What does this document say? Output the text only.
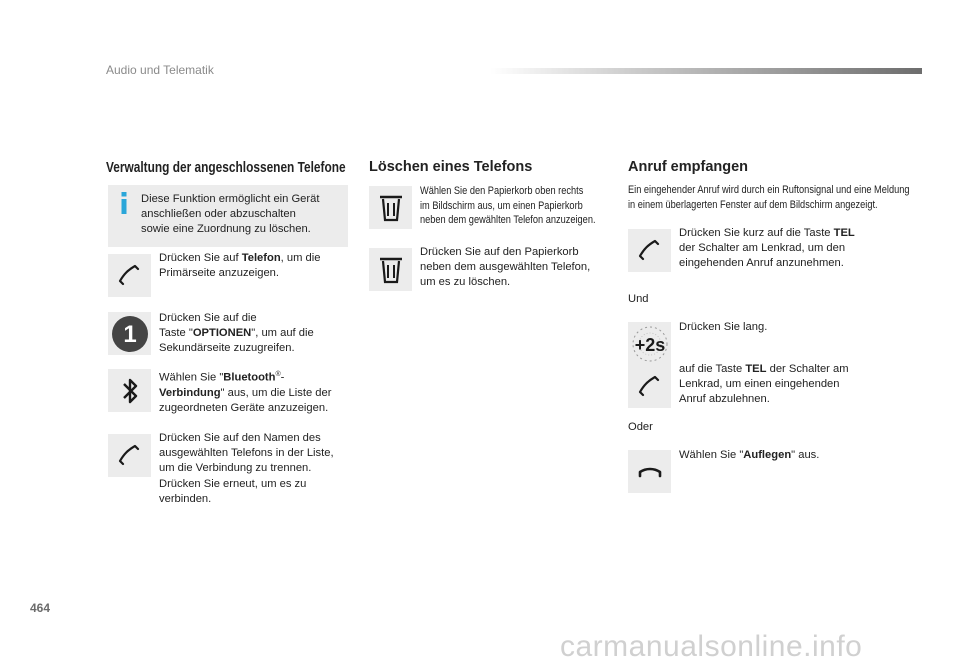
Audio und Telematik
Verwaltung der angeschlossenen Telefone
Diese Funktion ermöglicht ein Gerät
anschließen oder abzuschalten
sowie eine Zuordnung zu löschen.
Drücken Sie auf Telefon, um die
Primärseite anzuzeigen.
1
Drücken Sie auf die
Taste "OPTIONEN", um auf die
Sekundärseite zuzugreifen.
Wählen Sie "Bluetooth®-
Verbindung" aus, um die Liste der
zugeordneten Geräte anzuzeigen.
Drücken Sie auf den Namen des
ausgewählten Telefons in der Liste,
um die Verbindung zu trennen.
Drücken Sie erneut, um es zu
verbinden.
Löschen eines Telefons
Wählen Sie den Papierkorb oben rechts
im Bildschirm aus, um einen Papierkorb
neben dem gewählten Telefon anzuzeigen.
Drücken Sie auf den Papierkorb
neben dem ausgewählten Telefon,
um es zu löschen.
Anruf empfangen
Ein eingehender Anruf wird durch ein Ruftonsignal und eine Meldung
in einem überlagerten Fenster auf dem Bildschirm angezeigt.
Drücken Sie kurz auf die Taste TEL
der Schalter am Lenkrad, um den
eingehenden Anruf anzunehmen.
Und
+2s
Drücken Sie lang.
auf die Taste TEL der Schalter am
Lenkrad, um einen eingehenden
Anruf abzulehnen.
Oder
Wählen Sie "Auflegen" aus.
464
carmanualsonline.info
